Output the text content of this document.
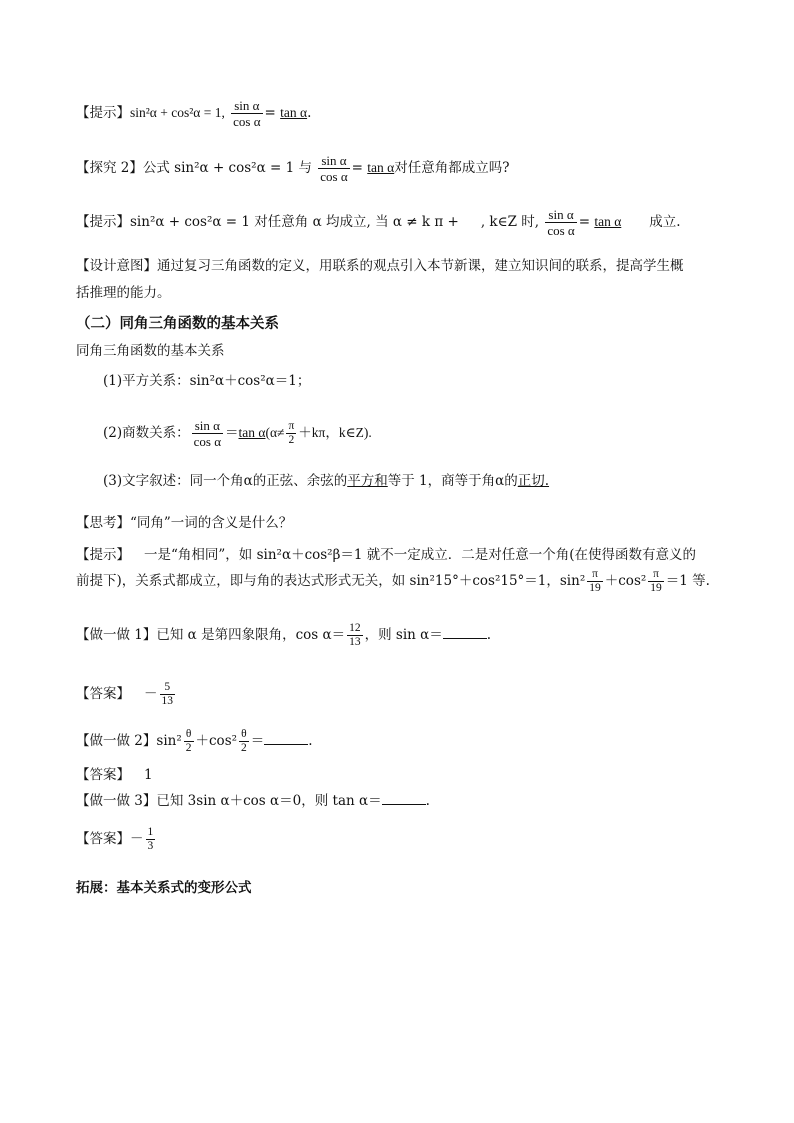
【提示】sin²α + cos²α = 1, $\frac{\text{sin α}}{\text{cos α}} = \tan \alpha$.
【探究 2】公式 sin²α + cos²α = 1 与 $\frac{\text{sin α}}{\text{cos α}} = \tan \alpha$对任意角都成立吗?
【提示】sin²α + cos²α = 1 对任意角 α 均成立, 当 α ≠ k π + , k∈Z 时, $\frac{\text{sin α}}{\text{cos α}} = \tan \alpha$ 成立.
【设计意图】通过复习三角函数的定义，用联系的观点引入本节新课，建立知识间的联系，提高学生概
括推理的能力。
（二）同角三角函数的基本关系
同角三角函数的基本关系
(1)平方关系：sin²α＋cos²α＝1；
(2)商数关系： $\frac{\text{sin α}}{\text{cos α}} =\tan$ $\alpha(\alpha\ne \frac{\pi}{2} +k\pi$，k∈Z).
(3)文字叙述：同一个角α的正弦、余弦的平方和等于 1，商等于角α的正切.
【思考】“同角”一词的含义是什么？
【提示】 一是“角相同”，如 sin²α＋cos²β＝1 就不一定成立．二是对任意一个角(在使得函数有意义的
前提下)，关系式都成立，即与角的表达式形式无关，如 sin²15°＋cos²15°＝1，$\sin^2 \frac{\pi}{19} +\cos^2 \frac{\pi}{19} =1$ 等.
【做一做 1】已知 α 是第四象限角，$\cos \alpha= \frac{12}{13}$ ，则 sin α＝	.
【答案】 － $\frac{5}{13}$
【做一做 2】$\sin^2 \frac{\theta}{2} +\cos^2 \frac{\theta}{2}$ ＝	.
【答案】 1
【做一做 3】已知 3sin α＋cos α＝0，则 tan α＝	.
【答案】－ $\frac{1}{3}$
拓展：基本关系式的变形公式
